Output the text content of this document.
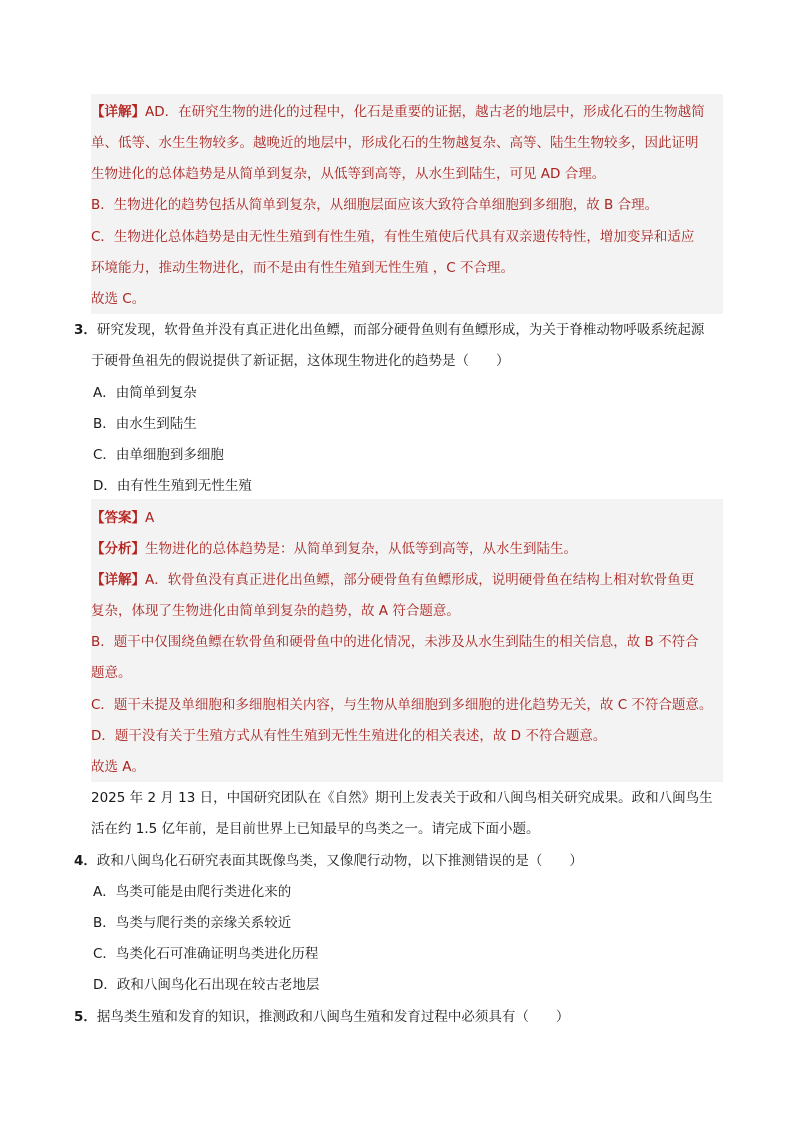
【详解】AD．在研究生物的进化的过程中，化石是重要的证据，越古老的地层中，形成化石的生物越简
单、低等、水生生物较多。越晚近的地层中，形成化石的生物越复杂、高等、陆生生物较多，因此证明
生物进化的总体趋势是从简单到复杂，从低等到高等，从水生到陆生，可见 AD 合理。
B．生物进化的趋势包括从简单到复杂，从细胞层面应该大致符合单细胞到多细胞，故 B 合理。
C．生物进化总体趋势是由无性生殖到有性生殖，有性生殖使后代具有双亲遗传特性，增加变异和适应
环境能力，推动生物进化，而不是由有性生殖到无性生殖 ，C 不合理。
故选 C。
3．研究发现，软骨鱼并没有真正进化出鱼鳔，而部分硬骨鱼则有鱼鳔形成，为关于脊椎动物呼吸系统起源
于硬骨鱼祖先的假说提供了新证据，这体现生物进化的趋势是（　　）
A．由简单到复杂
B．由水生到陆生
C．由单细胞到多细胞
D．由有性生殖到无性生殖
【答案】A
【分析】生物进化的总体趋势是：从简单到复杂，从低等到高等，从水生到陆生。
【详解】A．软骨鱼没有真正进化出鱼鳔，部分硬骨鱼有鱼鳔形成，说明硬骨鱼在结构上相对软骨鱼更
复杂，体现了生物进化由简单到复杂的趋势，故 A 符合题意。
B．题干中仅围绕鱼鳔在软骨鱼和硬骨鱼中的进化情况，未涉及从水生到陆生的相关信息，故 B 不符合
题意。
C．题干未提及单细胞和多细胞相关内容，与生物从单细胞到多细胞的进化趋势无关，故 C 不符合题意。
D．题干没有关于生殖方式从有性生殖到无性生殖进化的相关表述，故 D 不符合题意。
故选 A。
2025 年 2 月 13 日，中国研究团队在《自然》期刊上发表关于政和八闽鸟相关研究成果。政和八闽鸟生
活在约 1.5 亿年前，是目前世界上已知最早的鸟类之一。请完成下面小题。
4．政和八闽鸟化石研究表面其既像鸟类，又像爬行动物，以下推测错误的是（　　）
A．鸟类可能是由爬行类进化来的
B．鸟类与爬行类的亲缘关系较近
C．鸟类化石可准确证明鸟类进化历程
D．政和八闽鸟化石出现在较古老地层
5．据鸟类生殖和发育的知识，推测政和八闽鸟生殖和发育过程中必须具有（　　）
